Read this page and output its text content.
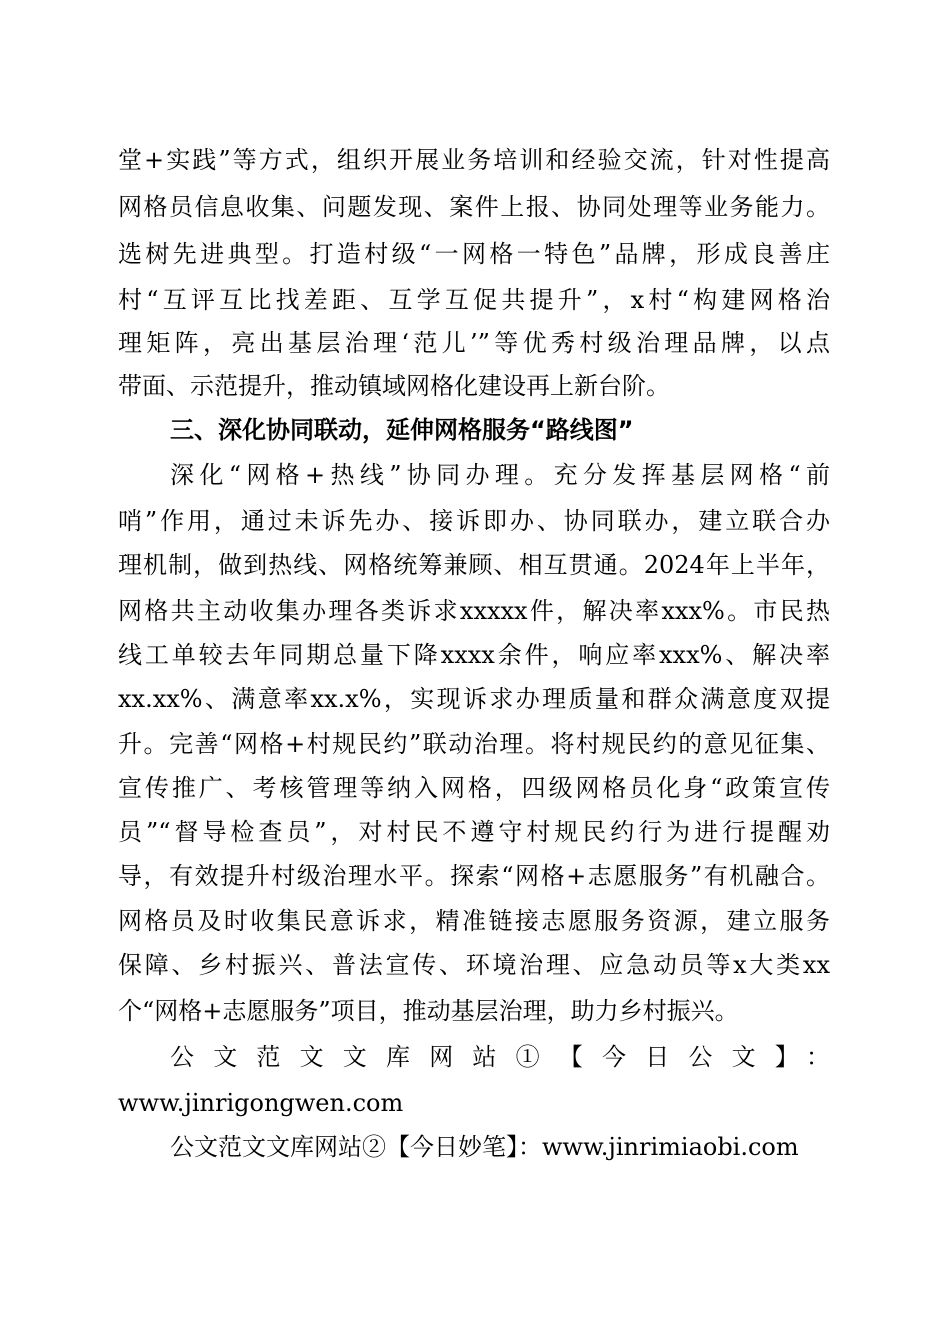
堂+实践”等方式，组织开展业务培训和经验交流，针对性提高
网格员信息收集、问题发现、案件上报、协同处理等业务能力。
选树先进典型。打造村级“一网格一特色”品牌，形成良善庄
村“互评互比找差距、互学互促共提升”，x村“构建网格治
理矩阵，亮出基层治理‘范儿’”等优秀村级治理品牌，以点
带面、示范提升，推动镇域网格化建设再上新台阶。
三、深化协同联动，延伸网格服务“路线图”
深化“网格+热线”协同办理。充分发挥基层网格“前
哨”作用，通过未诉先办、接诉即办、协同联办，建立联合办
理机制，做到热线、网格统筹兼顾、相互贯通。2024年上半年，
网格共主动收集办理各类诉求xxxxx件，解决率xxx%。市民热
线工单较去年同期总量下降xxxx余件，响应率xxx%、解决率
xx.xx%、满意率xx.x%，实现诉求办理质量和群众满意度双提
升。完善“网格+村规民约”联动治理。将村规民约的意见征集、
宣传推广、考核管理等纳入网格，四级网格员化身“政策宣传
员”“督导检查员”，对村民不遵守村规民约行为进行提醒劝
导，有效提升村级治理水平。探索“网格+志愿服务”有机融合。
网格员及时收集民意诉求，精准链接志愿服务资源，建立服务
保障、乡村振兴、普法宣传、环境治理、应急动员等x大类xx
个“网格+志愿服务”项目，推动基层治理，助力乡村振兴。
公文范文文库网站①【今日公文】：
www.jinrigongwen.com
公文范文文库网站②【今日妙笔】：www.jinrimiaobi.com
